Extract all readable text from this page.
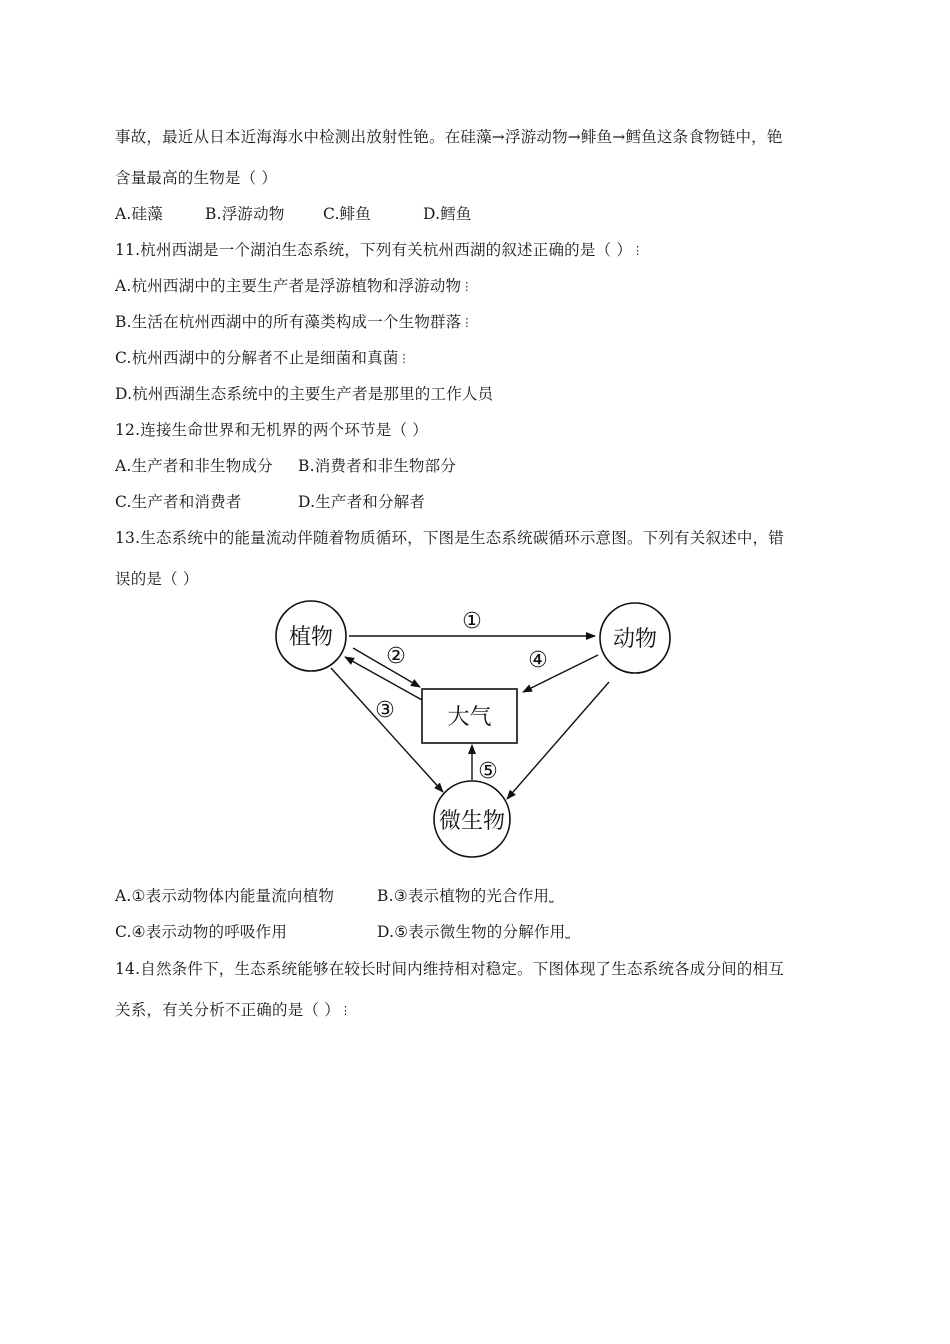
事故，最近从日本近海海水中检测出放射性铯。在硅藻→浮游动物→鲱鱼→鳕鱼这条食物链中，铯
含量最高的生物是（ ）
A.硅藻	B.浮游动物 C.鲱鱼	D.鳕鱼
11.杭州西湖是一个湖泊生态系统，下列有关杭州西湖的叙述正确的是（ ）⋮
A.杭州西湖中的主要生产者是浮游植物和浮游动物⋮
B.生活在杭州西湖中的所有藻类构成一个生物群落⋮
C.杭州西湖中的分解者不止是细菌和真菌⋮
D.杭州西湖生态系统中的主要生产者是那里的工作人员
12.连接生命世界和无机界的两个环节是（ ）
A.生产者和非生物成分 B.消费者和非生物部分
C.生产者和消费者	D.生产者和分解者
13.生态系统中的能量流动伴随着物质循环，下图是生态系统碳循环示意图。下列有关叙述中，错
误的是（ ）
植物	动物
大气
微生物
①
②
③
④
⑤
A.①表示动物体内能量流向植物	B.③表示植物的光合作用⎵
C.④表示动物的呼吸作用	D.⑤表示微生物的分解作用⎵
14.自然条件下，生态系统能够在较长时间内维持相对稳定。下图体现了生态系统各成分间的相互
关系，有关分析不正确的是（ ）⋮
